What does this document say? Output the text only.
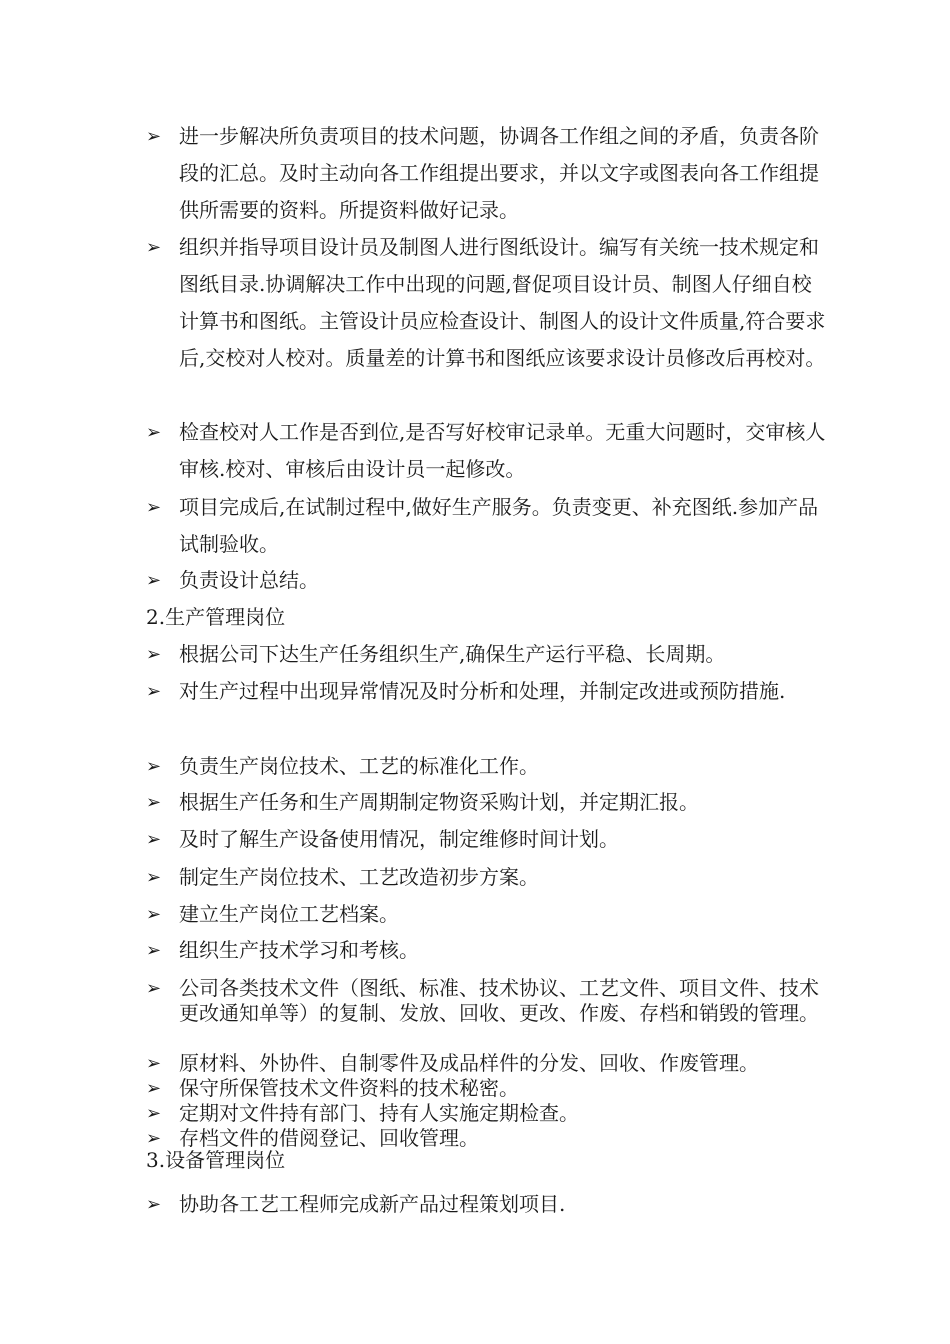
➢ 进一步解决所负责项目的技术问题，协调各工作组之间的矛盾，负责各阶段的汇总。及时主动向各工作组提出要求，并以文字或图表向各工作组提供所需要的资料。所提资料做好记录。
➢ 组织并指导项目设计员及制图人进行图纸设计。编写有关统一技术规定和图纸目录.协调解决工作中出现的问题,督促项目设计员、制图人仔细自校计算书和图纸。主管设计员应检查设计、制图人的设计文件质量,符合要求后,交校对人校对。质量差的计算书和图纸应该要求设计员修改后再校对。
➢ 检查校对人工作是否到位,是否写好校审记录单。无重大问题时，交审核人审核.校对、审核后由设计员一起修改。
➢ 项目完成后,在试制过程中,做好生产服务。负责变更、补充图纸.参加产品试制验收。
➢ 负责设计总结。
2.生产管理岗位
➢ 根据公司下达生产任务组织生产,确保生产运行平稳、长周期。
➢ 对生产过程中出现异常情况及时分析和处理，并制定改进或预防措施.
➢ 负责生产岗位技术、工艺的标准化工作。
➢ 根据生产任务和生产周期制定物资采购计划，并定期汇报。
➢ 及时了解生产设备使用情况，制定维修时间计划。
➢ 制定生产岗位技术、工艺改造初步方案。
➢ 建立生产岗位工艺档案。
➢ 组织生产技术学习和考核。
➢ 公司各类技术文件（图纸、标准、技术协议、工艺文件、项目文件、技术更改通知单等）的复制、发放、回收、更改、作废、存档和销毁的管理。
➢ 原材料、外协件、自制零件及成品样件的分发、回收、作废管理。
➢ 保守所保管技术文件资料的技术秘密。
➢ 定期对文件持有部门、持有人实施定期检查。
➢ 存档文件的借阅登记、回收管理。
3.设备管理岗位
➢ 协助各工艺工程师完成新产品过程策划项目.
